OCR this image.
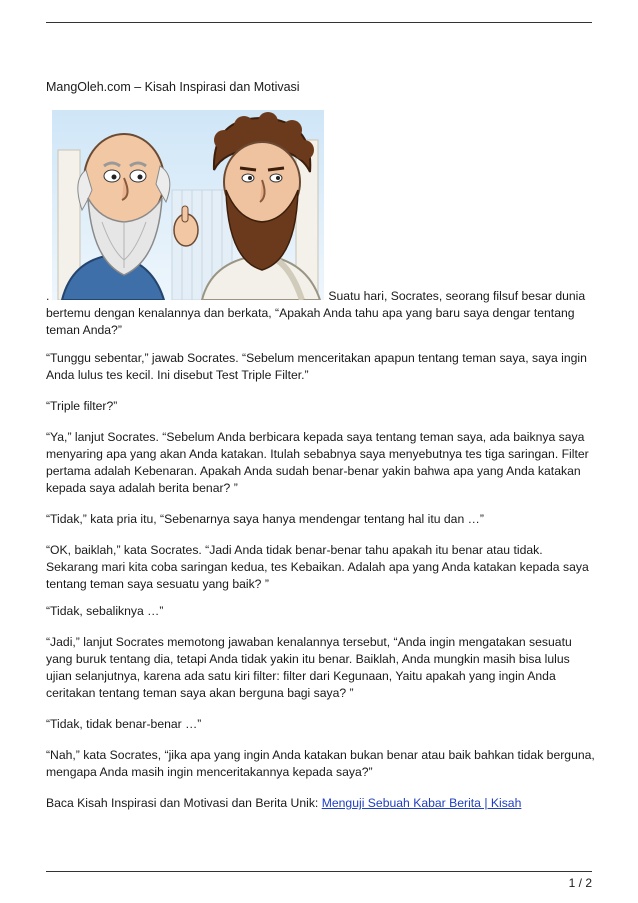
MangOleh.com – Kisah Inspirasi dan Motivasi

.	Suatu hari, Socrates, seorang filsuf besar dunia bertemu dengan kenalannya dan berkata, “Apakah Anda tahu apa yang baru saya dengar tentang teman Anda?”

“Tunggu sebentar,” jawab Socrates. “Sebelum menceritakan apapun tentang teman saya, saya ingin Anda lulus tes kecil. Ini disebut Test Triple Filter.”

“Triple filter?”

“Ya,” lanjut Socrates. “Sebelum Anda berbicara kepada saya tentang teman saya, ada baiknya saya menyaring apa yang akan Anda katakan. Itulah sebabnya saya menyebutnya tes tiga saringan. Filter pertama adalah Kebenaran. Apakah Anda sudah benar-benar yakin bahwa apa yang Anda katakan kepada saya adalah berita benar? ”

“Tidak,” kata pria itu, “Sebenarnya saya hanya mendengar tentang hal itu dan …”

“OK, baiklah,” kata Socrates. “Jadi Anda tidak benar-benar tahu apakah itu benar atau tidak. Sekarang mari kita coba saringan kedua, tes Kebaikan. Adalah apa yang Anda katakan kepada saya tentang teman saya sesuatu yang baik? ”

“Tidak, sebaliknya …”

“Jadi,” lanjut Socrates memotong jawaban kenalannya tersebut, “Anda ingin mengatakan sesuatu yang buruk tentang dia, tetapi Anda tidak yakin itu benar. Baiklah, Anda mungkin masih bisa lulus ujian selanjutnya, karena ada satu kiri filter: filter dari Kegunaan, Yaitu apakah yang ingin Anda ceritakan tentang teman saya akan berguna bagi saya? ”

“Tidak, tidak benar-benar …”

“Nah,” kata Socrates, “jika apa yang ingin Anda katakan bukan benar atau baik bahkan tidak berguna, mengapa Anda masih ingin menceritakannya kepada saya?”

Baca Kisah Inspirasi dan Motivasi dan Berita Unik: Menguji Sebuah Kabar Berita | Kisah

1 / 2
